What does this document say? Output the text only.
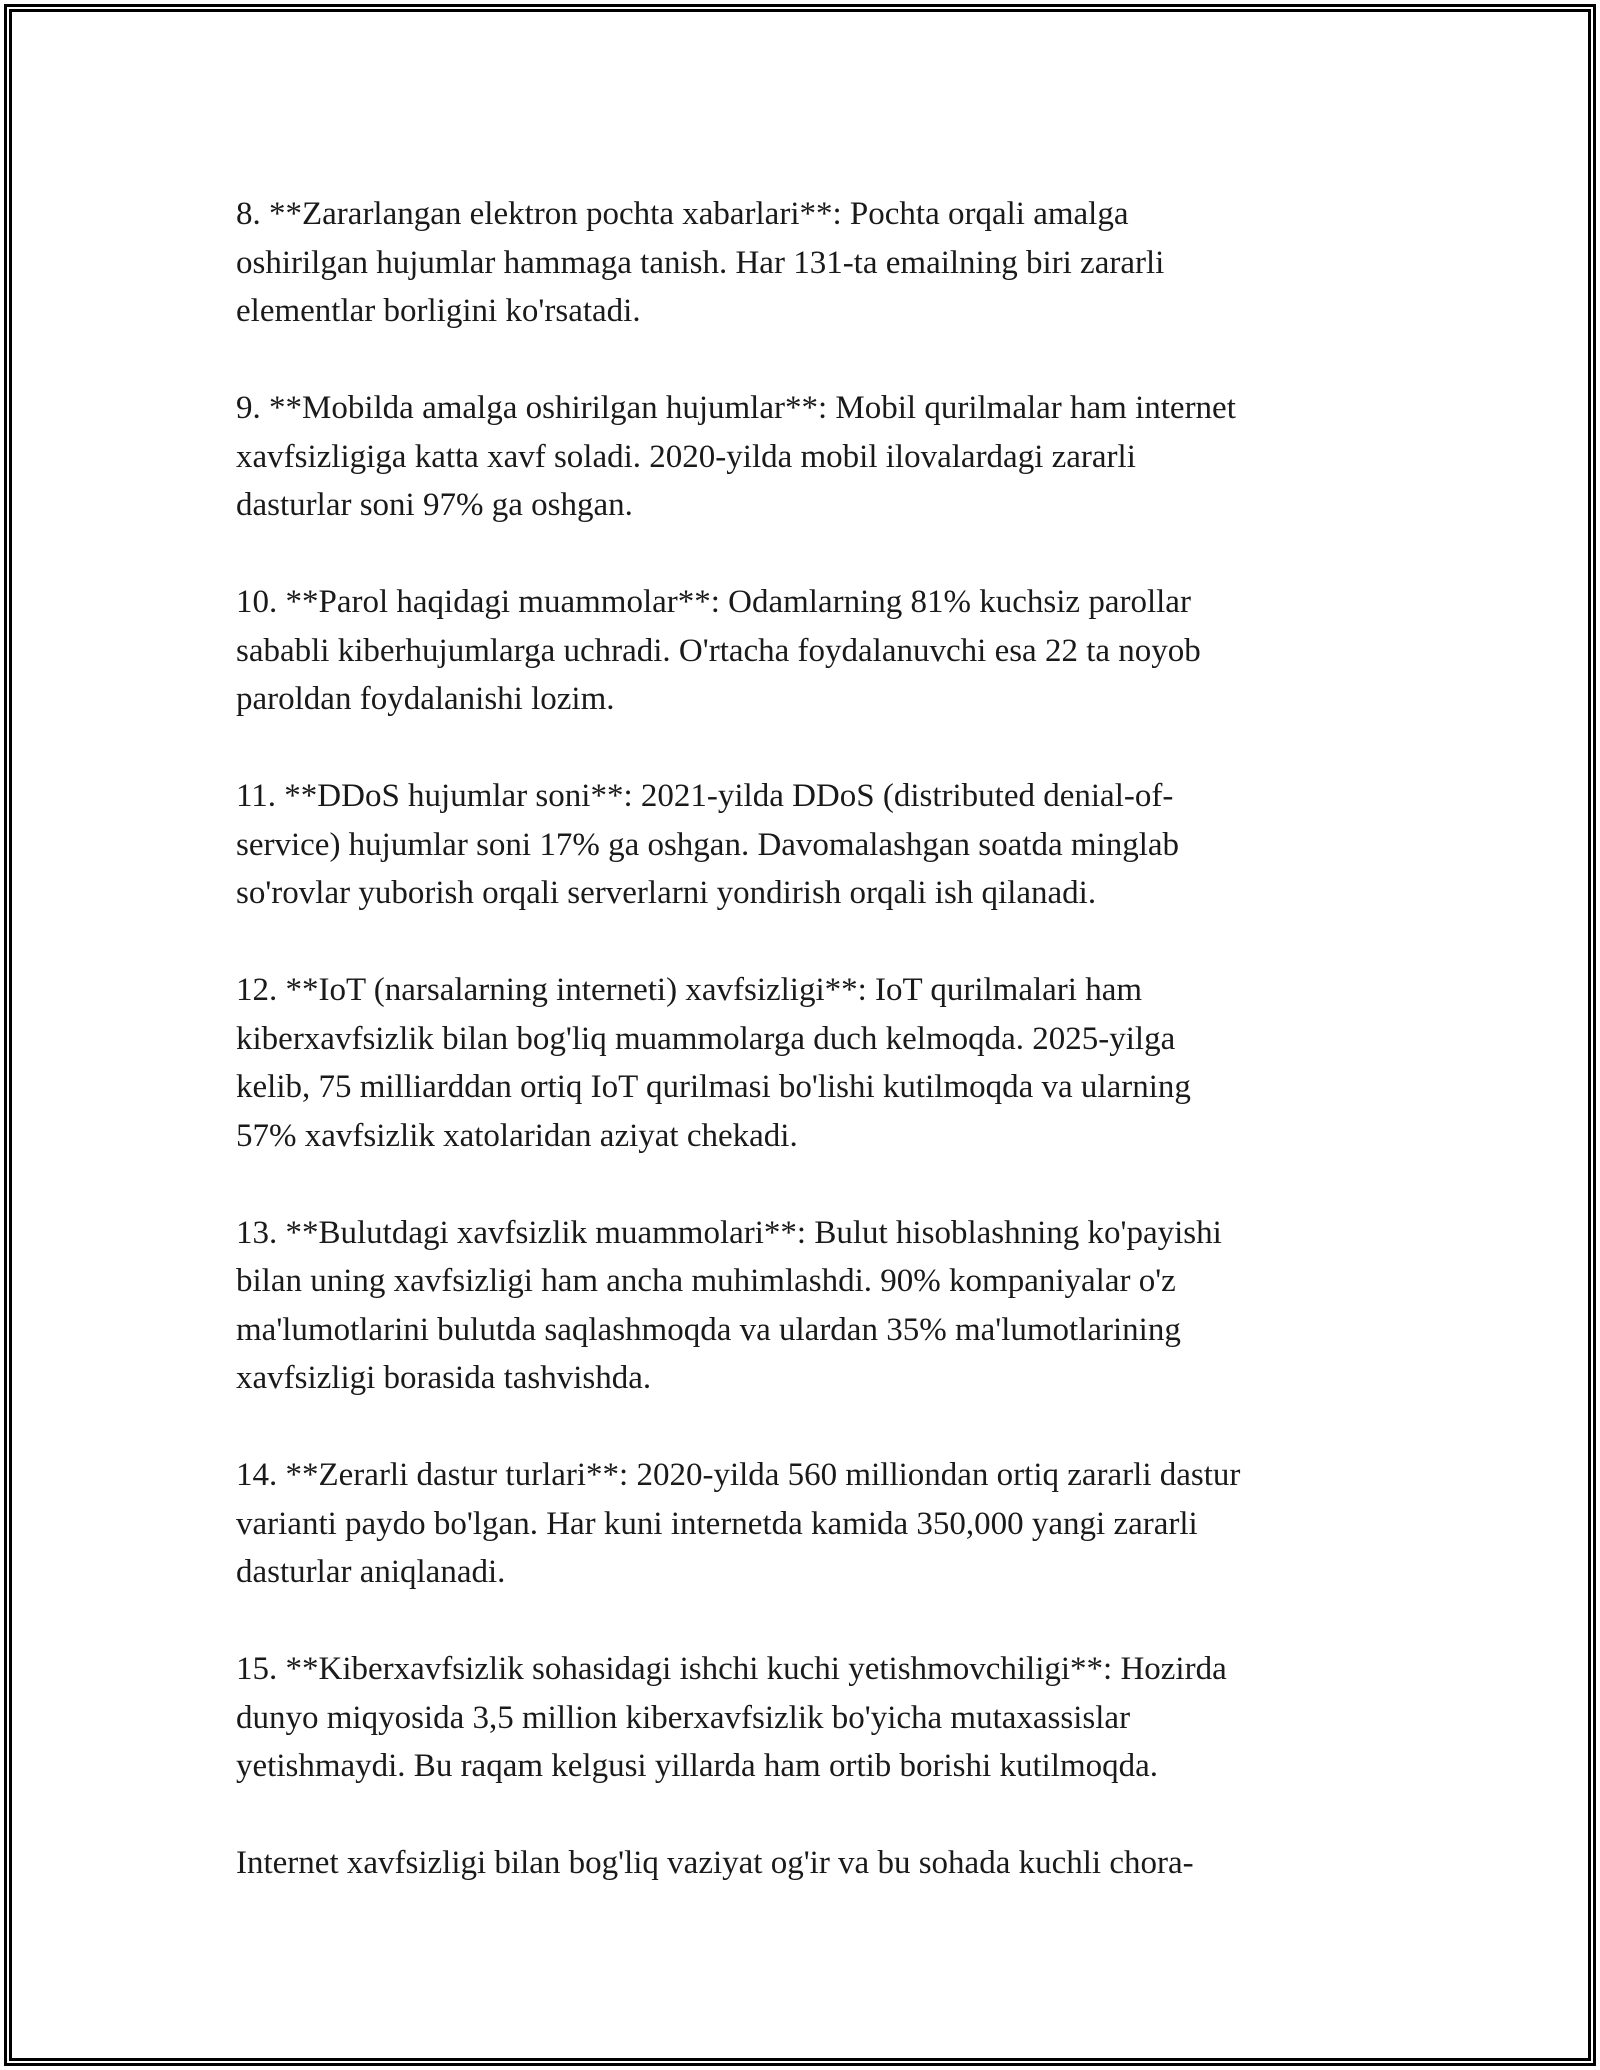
8. **Zararlangan elektron pochta xabarlari**: Pochta orqali amalga
oshirilgan hujumlar hammaga tanish. Har 131-ta emailning biri zararli
elementlar borligini ko'rsatadi.
9. **Mobilda amalga oshirilgan hujumlar**: Mobil qurilmalar ham internet
xavfsizligiga katta xavf soladi. 2020-yilda mobil ilovalardagi zararli
dasturlar soni 97% ga oshgan.
10. **Parol haqidagi muammolar**: Odamlarning 81% kuchsiz parollar
sababli kiberhujumlarga uchradi. O'rtacha foydalanuvchi esa 22 ta noyob
paroldan foydalanishi lozim.
11. **DDoS hujumlar soni**: 2021-yilda DDoS (distributed denial-of-
service) hujumlar soni 17% ga oshgan. Davomalashgan soatda minglab
so'rovlar yuborish orqali serverlarni yondirish orqali ish qilanadi.
12. **IoT (narsalarning interneti) xavfsizligi**: IoT qurilmalari ham
kiberxavfsizlik bilan bog'liq muammolarga duch kelmoqda. 2025-yilga
kelib, 75 milliarddan ortiq IoT qurilmasi bo'lishi kutilmoqda va ularning
57% xavfsizlik xatolaridan aziyat chekadi.
13. **Bulutdagi xavfsizlik muammolari**: Bulut hisoblashning ko'payishi
bilan uning xavfsizligi ham ancha muhimlashdi. 90% kompaniyalar o'z
ma'lumotlarini bulutda saqlashmoqda va ulardan 35% ma'lumotlarining
xavfsizligi borasida tashvishda.
14. **Zerarli dastur turlari**: 2020-yilda 560 milliondan ortiq zararli dastur
varianti paydo bo'lgan. Har kuni internetda kamida 350,000 yangi zararli
dasturlar aniqlanadi.
15. **Kiberxavfsizlik sohasidagi ishchi kuchi yetishmovchiligi**: Hozirda
dunyo miqyosida 3,5 million kiberxavfsizlik bo'yicha mutaxassislar
yetishmaydi. Bu raqam kelgusi yillarda ham ortib borishi kutilmoqda.
Internet xavfsizligi bilan bog'liq vaziyat og'ir va bu sohada kuchli chora-
